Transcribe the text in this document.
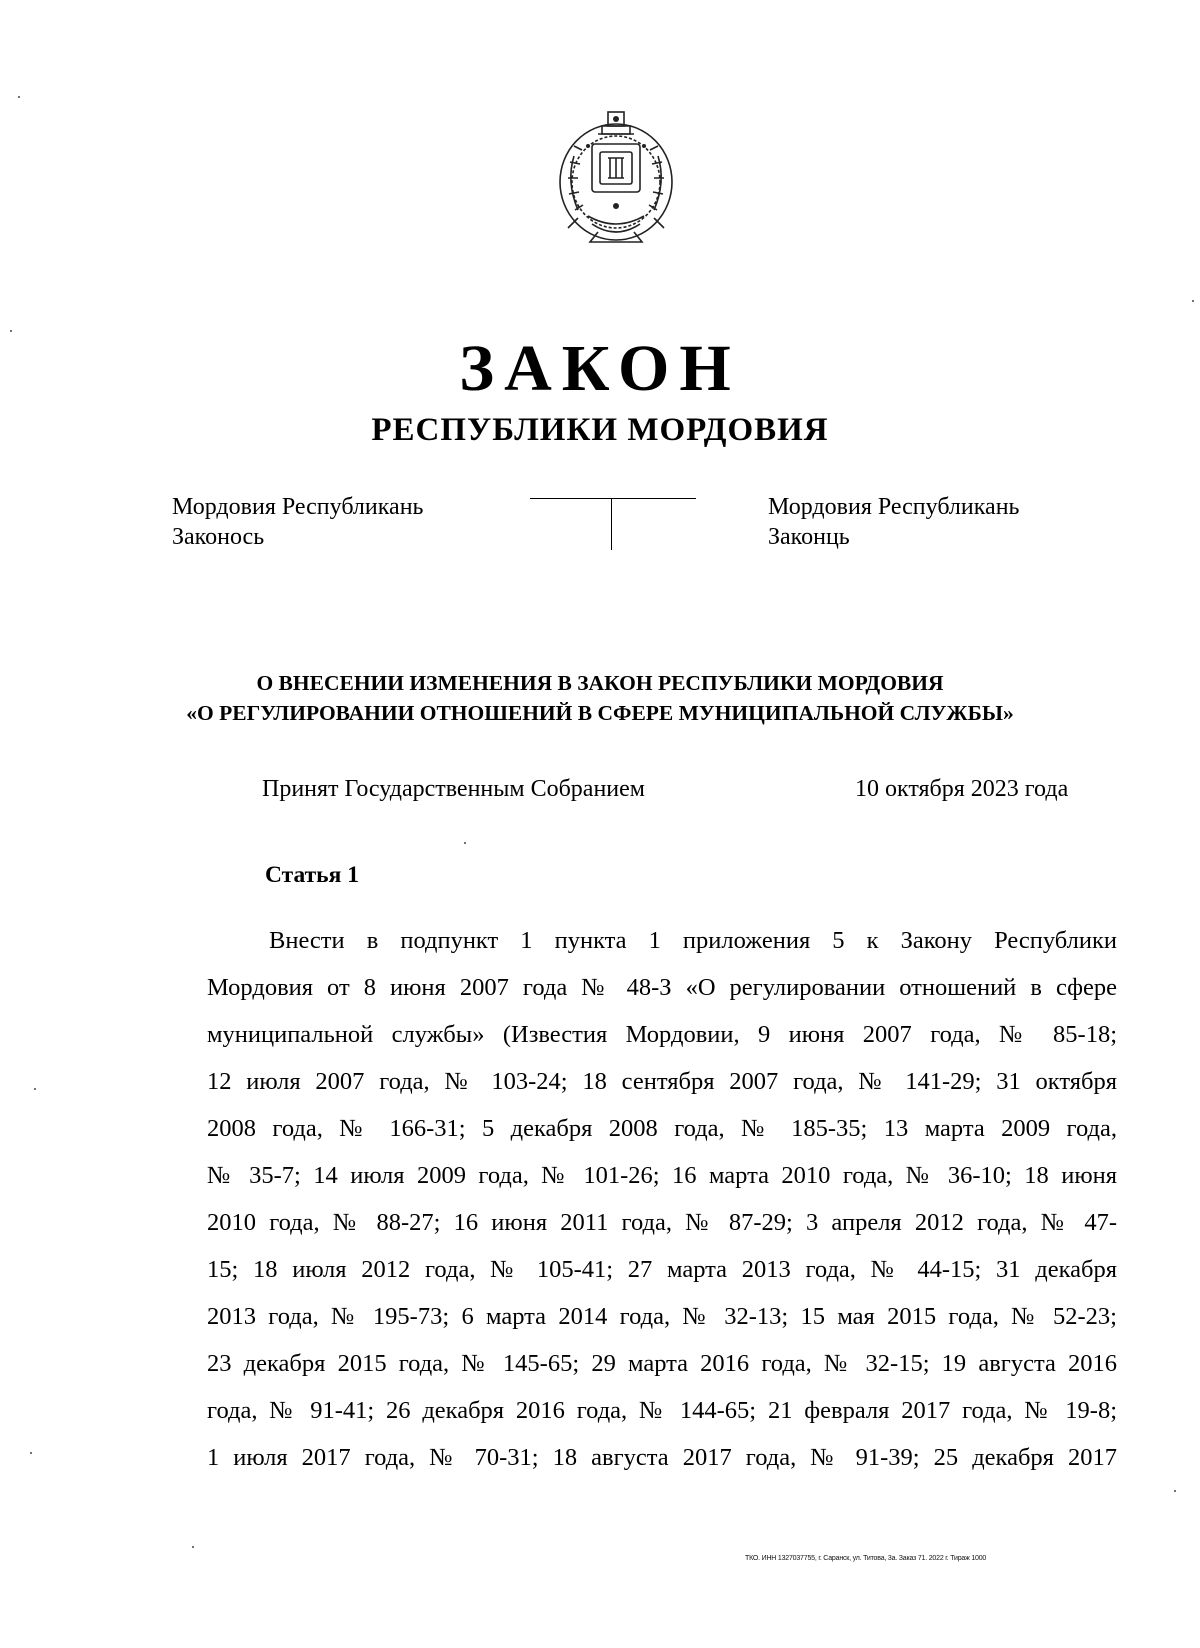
ЗАКОН
РЕСПУБЛИКИ МОРДОВИЯ
Мордовия Республикань
Законось
Мордовия Республикань
Законць
О ВНЕСЕНИИ ИЗМЕНЕНИЯ В ЗАКОН РЕСПУБЛИКИ МОРДОВИЯ
«О РЕГУЛИРОВАНИИ ОТНОШЕНИЙ В СФЕРЕ МУНИЦИПАЛЬНОЙ СЛУЖБЫ»
Принят Государственным Собранием	10 октября 2023 года
Статья 1
Внести в подпункт 1 пункта 1 приложения 5 к Закону Республики
Мордовия от 8 июня 2007 года № 48-З «О регулировании отношений в сфере
муниципальной службы» (Известия Мордовии, 9 июня 2007 года, № 85-18;
12 июля 2007 года, № 103-24; 18 сентября 2007 года, № 141-29; 31 октября
2008 года, № 166-31; 5 декабря 2008 года, № 185-35; 13 марта 2009 года,
№ 35-7; 14 июля 2009 года, № 101-26; 16 марта 2010 года, № 36-10; 18 июня
2010 года, № 88-27; 16 июня 2011 года, № 87-29; 3 апреля 2012 года, № 47-
15; 18 июля 2012 года, № 105-41; 27 марта 2013 года, № 44-15; 31 декабря
2013 года, № 195-73; 6 марта 2014 года, № 32-13; 15 мая 2015 года, № 52-23;
23 декабря 2015 года, № 145-65; 29 марта 2016 года, № 32-15; 19 августа 2016
года, № 91-41; 26 декабря 2016 года, № 144-65; 21 февраля 2017 года, № 19-8;
1 июля 2017 года, № 70-31; 18 августа 2017 года, № 91-39; 25 декабря 2017
ТКО. ИНН 1327037755, г. Саранск, ул. Титова, 3а. Заказ 71. 2022 г. Тираж 1000
